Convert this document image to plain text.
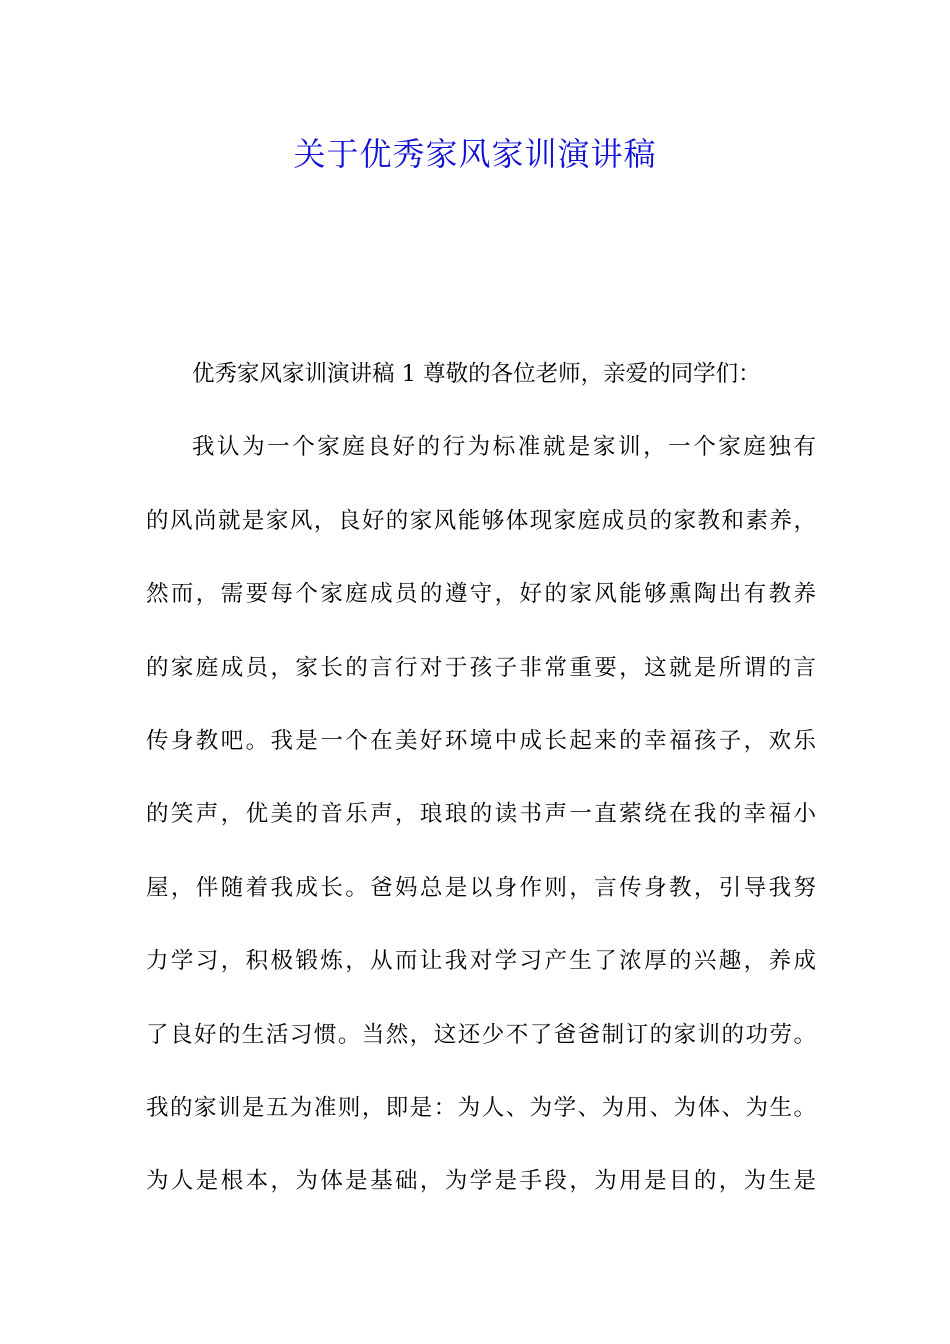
关于优秀家风家训演讲稿
优秀家风家训演讲稿 1 尊敬的各位老师，亲爱的同学们：
我认为一个家庭良好的行为标准就是家训，一个家庭独有
的风尚就是家风，良好的家风能够体现家庭成员的家教和素养，
然而，需要每个家庭成员的遵守，好的家风能够熏陶出有教养
的家庭成员，家长的言行对于孩子非常重要，这就是所谓的言
传身教吧。我是一个在美好环境中成长起来的幸福孩子，欢乐
的笑声，优美的音乐声，琅琅的读书声一直萦绕在我的幸福小
屋，伴随着我成长。爸妈总是以身作则，言传身教，引导我努
力学习，积极锻炼，从而让我对学习产生了浓厚的兴趣，养成
了良好的生活习惯。当然，这还少不了爸爸制订的家训的功劳。
我的家训是五为准则，即是：为人、为学、为用、为体、为生。
为人是根本，为体是基础，为学是手段，为用是目的，为生是
